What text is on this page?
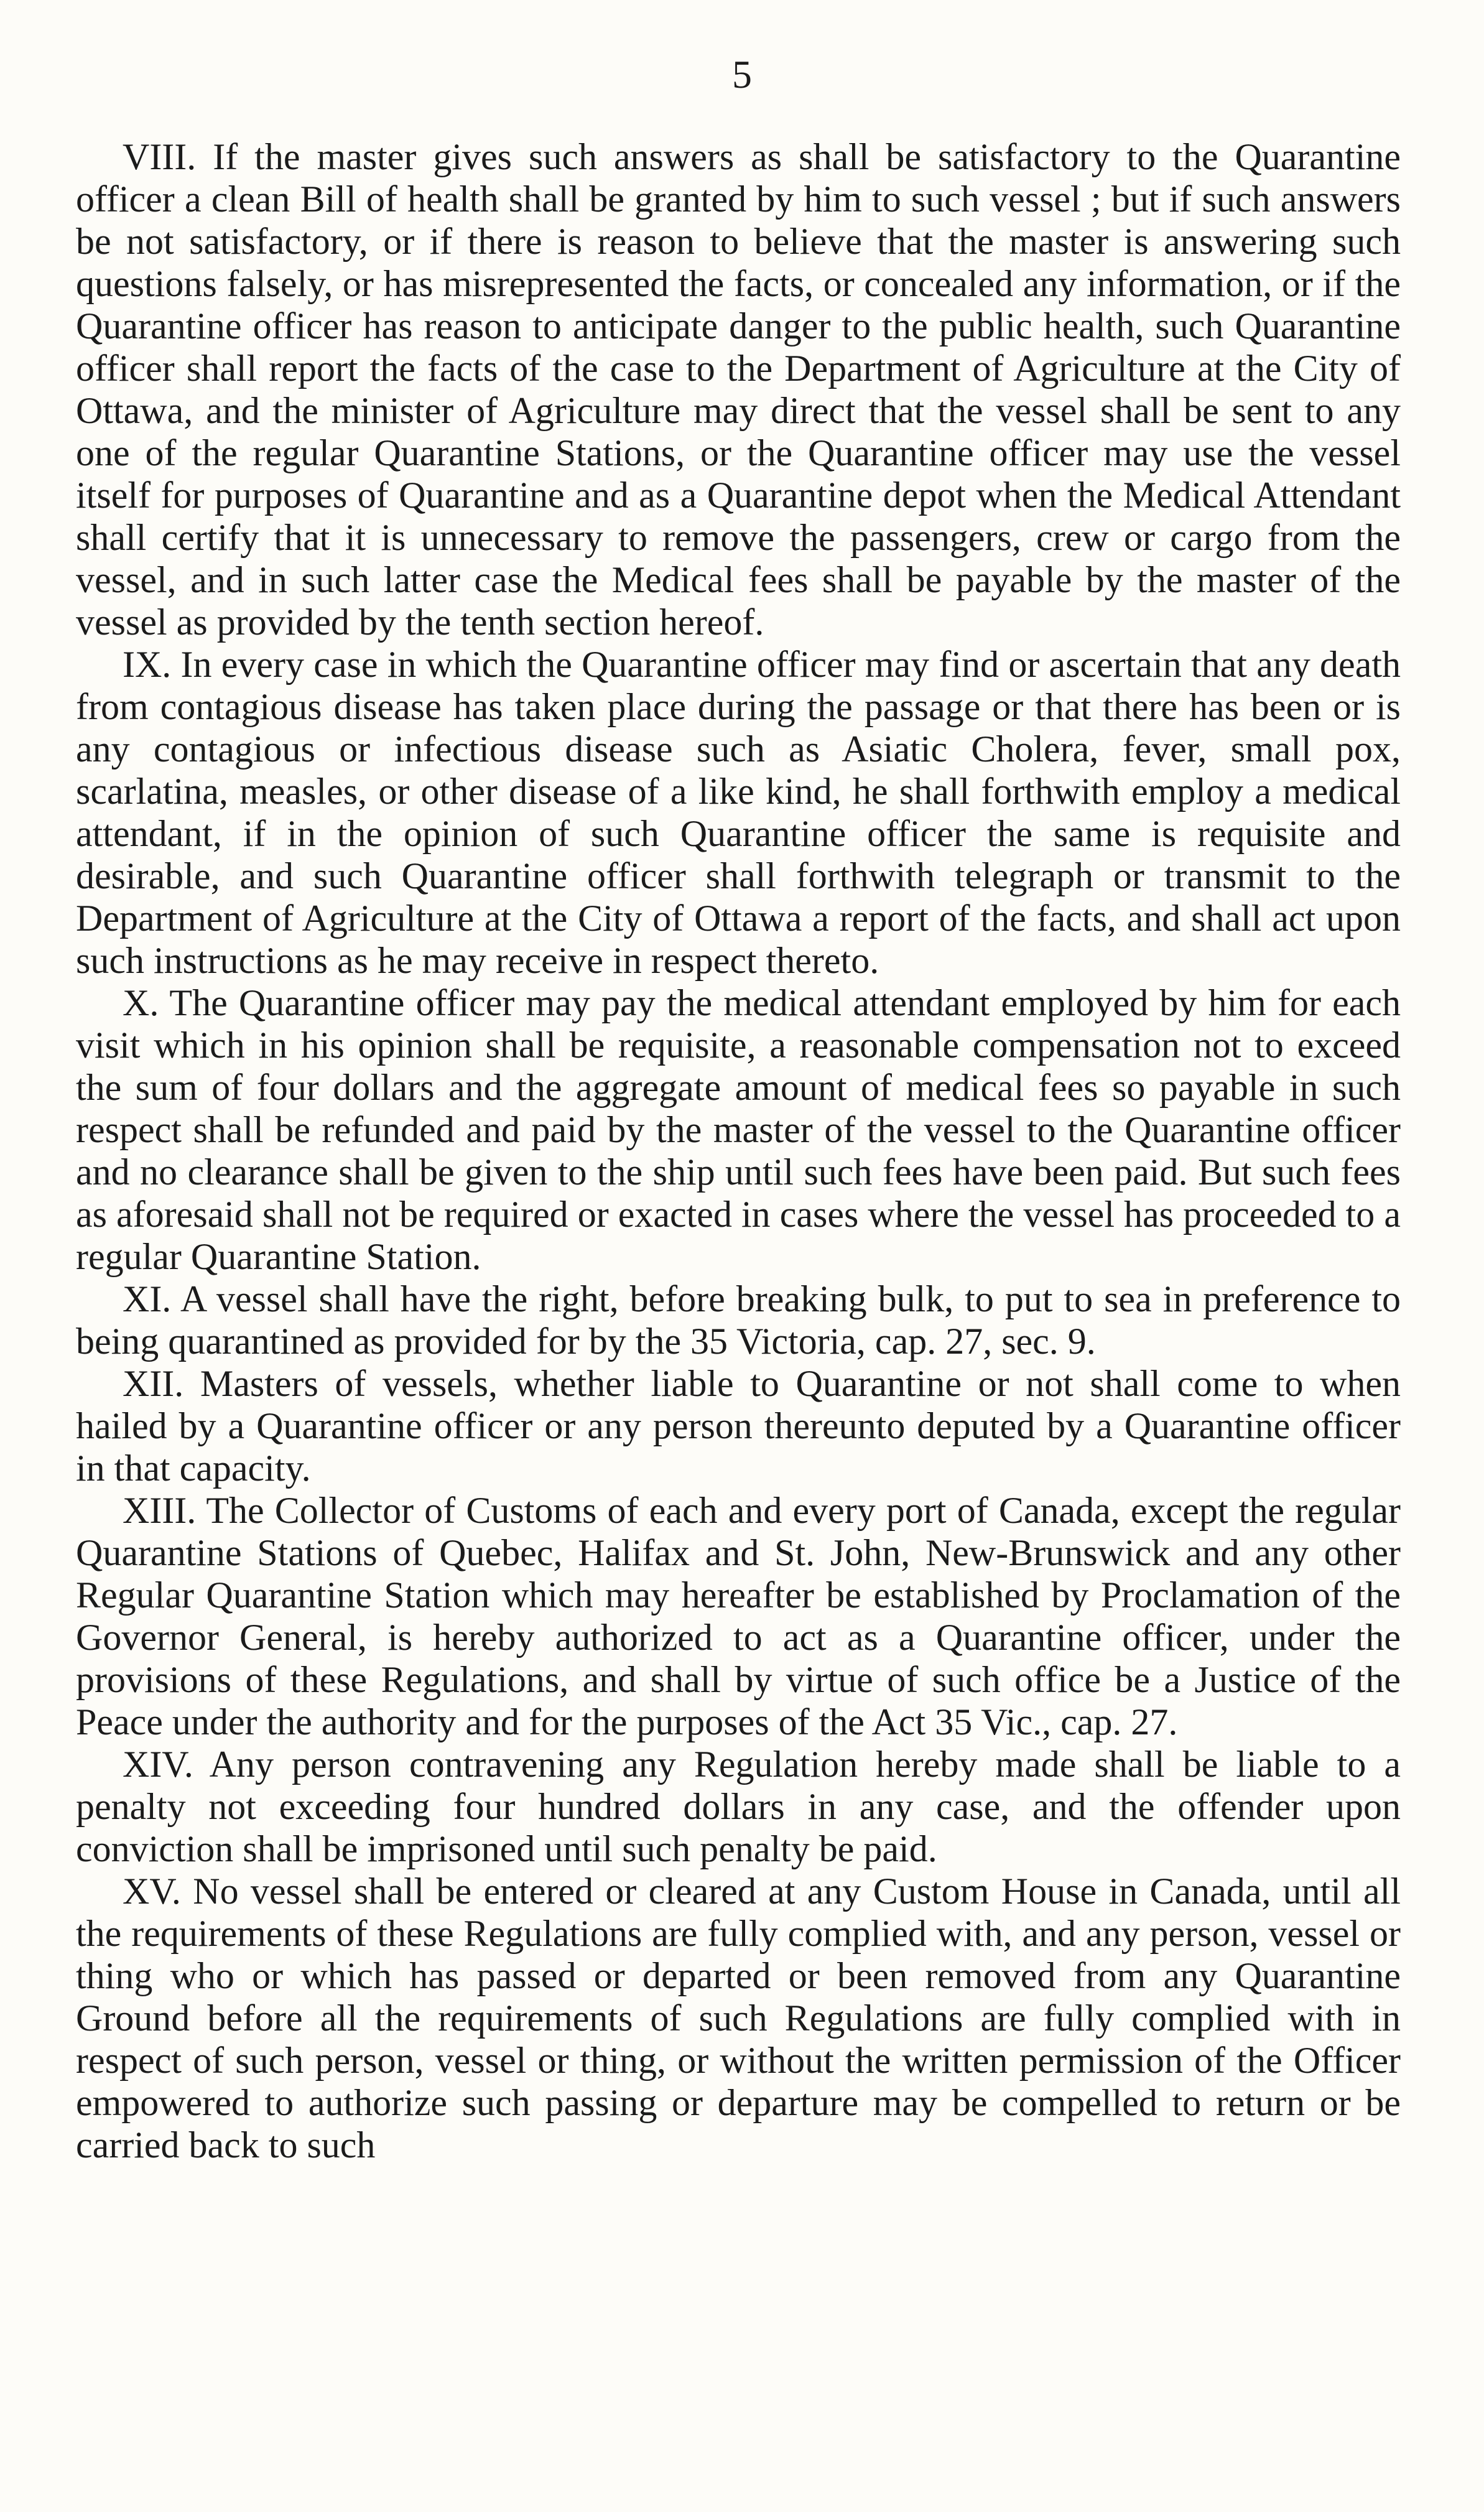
5

VIII. If the master gives such answers as shall be satisfactory to the Quarantine officer a clean Bill of health shall be granted by him to such vessel ; but if such answers be not satisfactory, or if there is reason to believe that the master is answering such questions falsely, or has misrepresented the facts, or concealed any information, or if the Quarantine officer has reason to anticipate danger to the public health, such Quarantine officer shall report the facts of the case to the Department of Agriculture at the City of Ottawa, and the minister of Agriculture may direct that the vessel shall be sent to any one of the regular Quarantine Stations, or the Quarantine officer may use the vessel itself for purposes of Quarantine and as a Quarantine depot when the Medical Attendant shall certify that it is unnecessary to remove the passengers, crew or cargo from the vessel, and in such latter case the Medical fees shall be payable by the master of the vessel as provided by the tenth section hereof.

IX. In every case in which the Quarantine officer may find or ascertain that any death from contagious disease has taken place during the passage or that there has been or is any contagious or infectious disease such as Asiatic Cholera, fever, small pox, scarlatina, measles, or other disease of a like kind, he shall forthwith employ a medical attendant, if in the opinion of such Quarantine officer the same is requisite and desirable, and such Quarantine officer shall forthwith telegraph or transmit to the Department of Agriculture at the City of Ottawa a report of the facts, and shall act upon such instructions as he may receive in respect thereto.

X. The Quarantine officer may pay the medical attendant employed by him for each visit which in his opinion shall be requisite, a reasonable compensation not to exceed the sum of four dollars and the aggregate amount of medical fees so payable in such respect shall be refunded and paid by the master of the vessel to the Quarantine officer and no clearance shall be given to the ship until such fees have been paid. But such fees as aforesaid shall not be required or exacted in cases where the vessel has proceeded to a regular Quarantine Station.

XI. A vessel shall have the right, before breaking bulk, to put to sea in preference to being quarantined as provided for by the 35 Victoria, cap. 27, sec. 9.

XII. Masters of vessels, whether liable to Quarantine or not shall come to when hailed by a Quarantine officer or any person thereunto deputed by a Quarantine officer in that capacity.

XIII. The Collector of Customs of each and every port of Canada, except the regular Quarantine Stations of Quebec, Halifax and St. John, New-Brunswick and any other Regular Quarantine Station which may hereafter be established by Proclamation of the Governor General, is hereby authorized to act as a Quarantine officer, under the provisions of these Regulations, and shall by virtue of such office be a Justice of the Peace under the authority and for the purposes of the Act 35 Vic., cap. 27.

XIV. Any person contravening any Regulation hereby made shall be liable to a penalty not exceeding four hundred dollars in any case, and the offender upon conviction shall be imprisoned until such penalty be paid.

XV. No vessel shall be entered or cleared at any Custom House in Canada, until all the requirements of these Regulations are fully complied with, and any person, vessel or thing who or which has passed or departed or been removed from any Quarantine Ground before all the requirements of such Regulations are fully complied with in respect of such person, vessel or thing, or without the written permission of the Officer empowered to authorize such passing or departure may be compelled to return or be carried back to such
